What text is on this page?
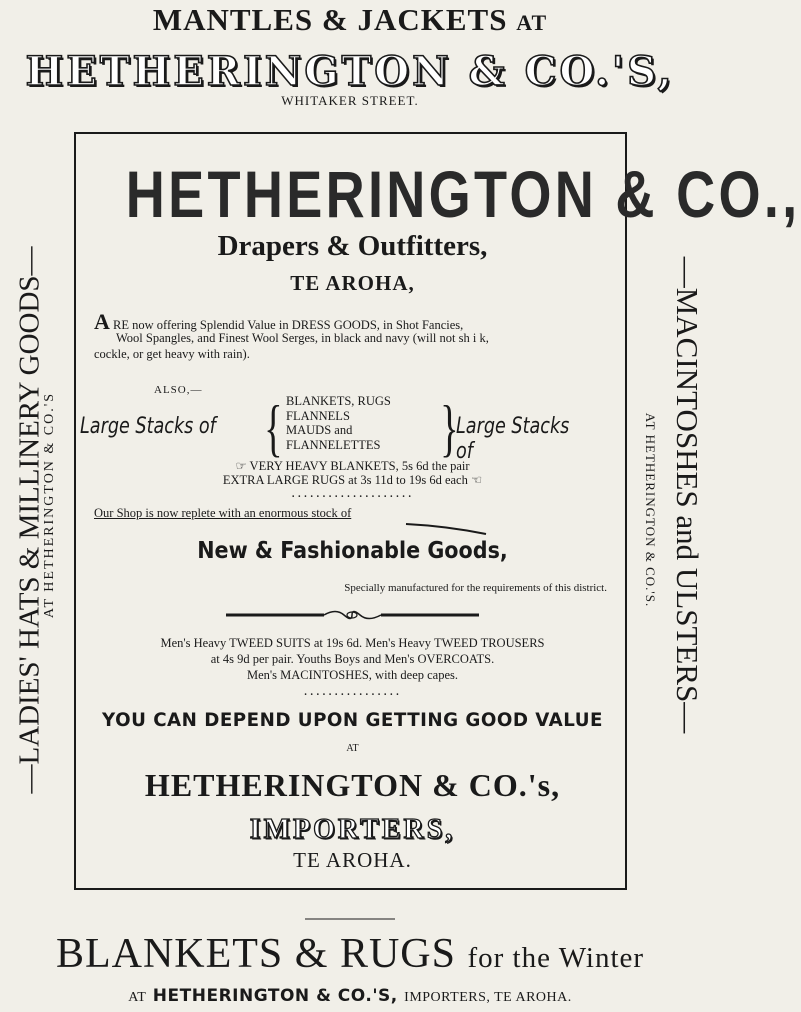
MANTLES & JACKETS AT
HETHERINGTON & CO.'S,
WHITAKER STREET.
—LADIES' HATS & MILLINERY GOODS—
AT HETHERINGTON & CO.'S	—MACINTOSHES and ULSTERS—
AT HETHERINGTON & CO.'S.
HETHERINGTON & CO.,
Drapers & Outfitters,
TE AROHA,
A RE now offering Splendid Value in DRESS GOODS, in Shot Fancies,
Wool Spangles, and Finest Wool Serges, in black and navy (will not sh i k,
cockle, or get heavy with rain).
ALSO,—
Large Stacks of { BLANKETS, RUGS
FLANNELS
MAUDS and
FLANNELETTES }
Large Stacks of
☞ VERY HEAVY BLANKETS, 5s 6d the pair
EXTRA LARGE RUGS at 3s 11d to 19s 6d each ☜
....................
Our Shop is now replete with an enormous stock of
New & Fashionable Goods,
Specially manufactured for the requirements of this district.
Men's Heavy TWEED SUITS at 19s 6d. Men's Heavy TWEED TROUSERS
at 4s 9d per pair. Youths Boys and Men's OVERCOATS.
Men's MACINTOSHES, with deep capes.
................
YOU CAN DEPEND UPON GETTING GOOD VALUE
AT
HETHERINGTON & CO.'s,
IMPORTERS,
TE AROHA.
BLANKETS & RUGS for the Winter
AT HETHERINGTON & CO.'S, IMPORTERS, TE AROHA.
